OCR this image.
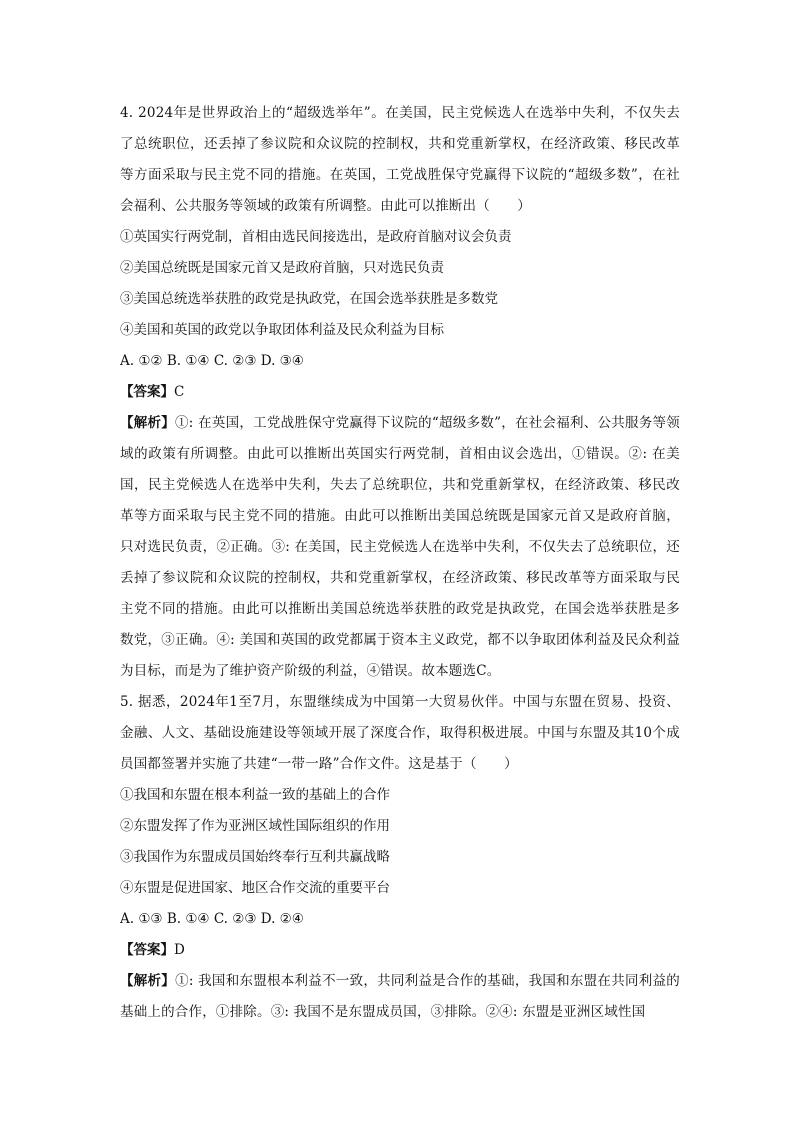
4. 2024年是世界政治上的“超级选举年”。在美国，民主党候选人在选举中失利，不仅失去了总统职位，还丢掉了参议院和众议院的控制权，共和党重新掌权，在经济政策、移民改革等方面采取与民主党不同的措施。在英国，工党战胜保守党赢得下议院的“超级多数”，在社会福利、公共服务等领域的政策有所调整。由此可以推断出（　　）

①英国实行两党制，首相由选民间接选出，是政府首脑对议会负责

②美国总统既是国家元首又是政府首脑，只对选民负责

③美国总统选举获胜的政党是执政党，在国会选举获胜是多数党

④美国和英国的政党以争取团体利益及民众利益为目标

A. ①② B. ①④ C. ②③ D. ③④

【答案】C

【解析】①: 在英国，工党战胜保守党赢得下议院的“超级多数”，在社会福利、公共服务等领域的政策有所调整。由此可以推断出英国实行两党制，首相由议会选出，①错误。②: 在美国，民主党候选人在选举中失利，失去了总统职位，共和党重新掌权，在经济政策、移民改革等方面采取与民主党不同的措施。由此可以推断出美国总统既是国家元首又是政府首脑，只对选民负责，②正确。③: 在美国，民主党候选人在选举中失利，不仅失去了总统职位，还丢掉了参议院和众议院的控制权，共和党重新掌权，在经济政策、移民改革等方面采取与民主党不同的措施。由此可以推断出美国总统选举获胜的政党是执政党，在国会选举获胜是多数党，③正确。④: 美国和英国的政党都属于资本主义政党，都不以争取团体利益及民众利益为目标，而是为了维护资产阶级的利益，④错误。故本题选C。

5. 据悉，2024年1至7月，东盟继续成为中国第一大贸易伙伴。中国与东盟在贸易、投资、金融、人文、基础设施建设等领域开展了深度合作，取得积极进展。中国与东盟及其10个成员国都签署并实施了共建“一带一路”合作文件。这是基于（　　）

①我国和东盟在根本利益一致的基础上的合作

②东盟发挥了作为亚洲区域性国际组织的作用

③我国作为东盟成员国始终奉行互利共赢战略

④东盟是促进国家、地区合作交流的重要平台

A. ①③ B. ①④ C. ②③ D. ②④

【答案】D

【解析】①: 我国和东盟根本利益不一致，共同利益是合作的基础，我国和东盟在共同利益的基础上的合作，①排除。③: 我国不是东盟成员国，③排除。②④: 东盟是亚洲区域性国
